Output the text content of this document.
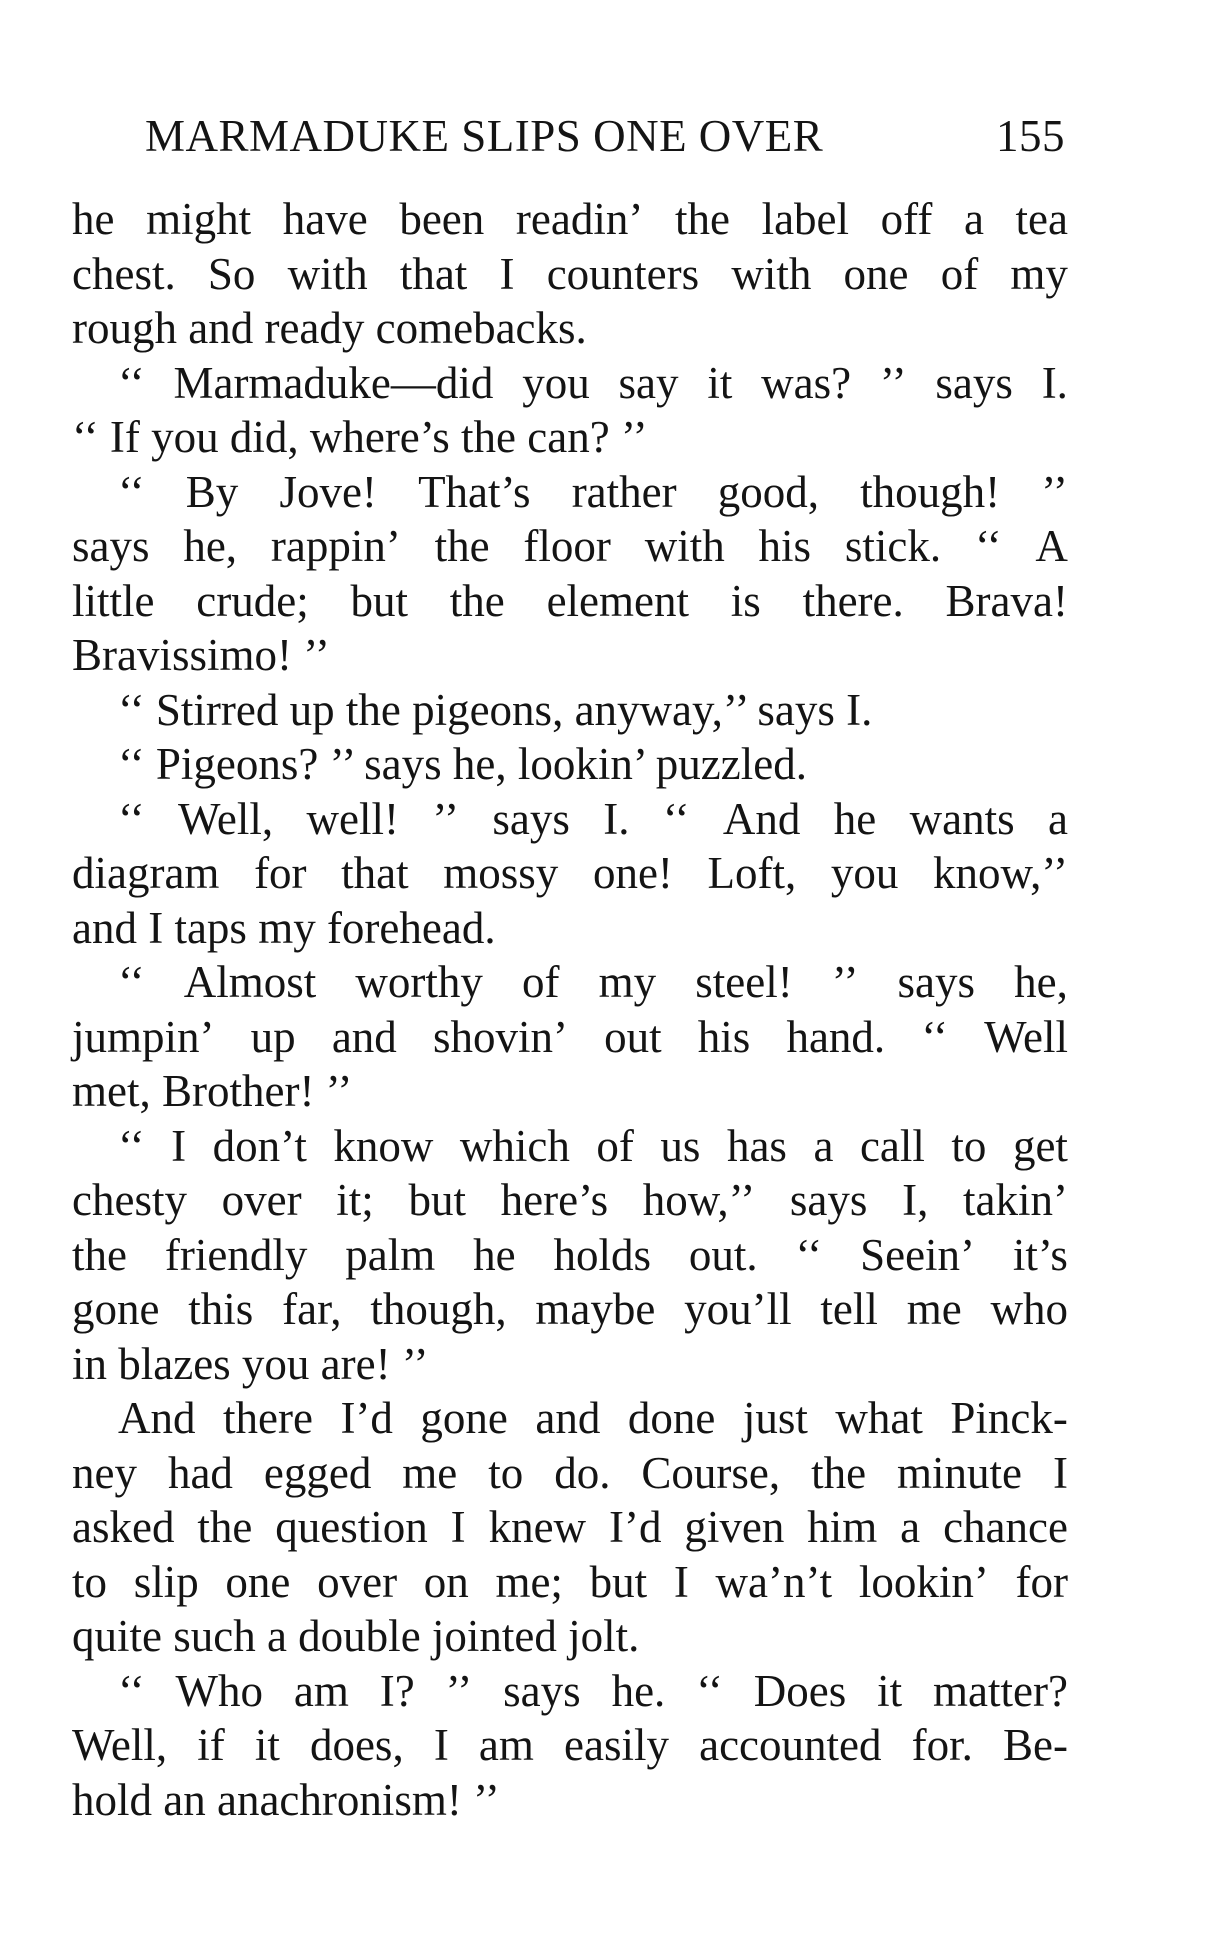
MARMADUKE SLIPS ONE OVER	155
he might have been readin’ the label off a tea
chest. So with that I counters with one of my
rough and ready comebacks.
‘‘ Marmaduke—did you say it was? ’’ says I.
‘‘ If you did, where’s the can? ’’
‘‘ By Jove! That’s rather good, though! ’’
says he, rappin’ the floor with his stick. ‘‘ A
little crude; but the element is there. Brava!
Bravissimo! ’’
‘‘ Stirred up the pigeons, anyway,’’ says I.
‘‘ Pigeons? ’’ says he, lookin’ puzzled.
‘‘ Well, well! ’’ says I. ‘‘ And he wants a
diagram for that mossy one! Loft, you know,’’
and I taps my forehead.
‘‘ Almost worthy of my steel! ’’ says he,
jumpin’ up and shovin’ out his hand. ‘‘ Well
met, Brother! ’’
‘‘ I don’t know which of us has a call to get
chesty over it; but here’s how,’’ says I, takin’
the friendly palm he holds out. ‘‘ Seein’ it’s
gone this far, though, maybe you’ll tell me who
in blazes you are! ’’
And there I’d gone and done just what Pinck-
ney had egged me to do. Course, the minute I
asked the question I knew I’d given him a chance
to slip one over on me; but I wa’n’t lookin’ for
quite such a double jointed jolt.
‘‘ Who am I? ’’ says he. ‘‘ Does it matter?
Well, if it does, I am easily accounted for. Be-
hold an anachronism! ’’
